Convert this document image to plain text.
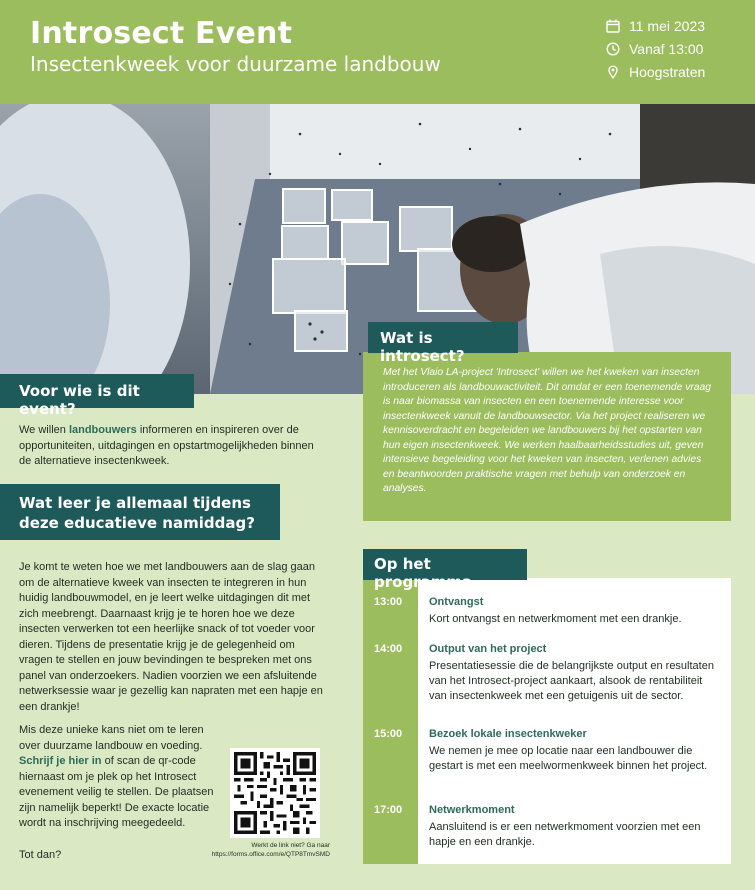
Introsect Event
Insectenkweek voor duurzame landbouw
11 mei 2023
Vanaf 13:00
Hoogstraten
Voor wie is dit event?
We willen landbouwers informeren en inspireren over de opportuniteiten, uitdagingen en opstartmogelijkheden binnen de alternatieve insectenkweek.
Wat leer je allemaal tijdens deze educatieve namiddag?
Je komt te weten hoe we met landbouwers aan de slag gaan om de alternatieve kweek van insecten te integreren in hun huidig landbouwmodel, en je leert welke uitdagingen dit met zich meebrengt. Daarnaast krijg je te horen hoe we deze insecten verwerken tot een heerlijke snack of tot voeder voor dieren. Tijdens de presentatie krijg je de gelegenheid om vragen te stellen en jouw bevindingen te bespreken met ons panel van onderzoekers. Nadien voorzien we een afsluitende netwerksessie waar je gezellig kan napraten met een hapje en een drankje!
Mis deze unieke kans niet om te leren over duurzame landbouw en voeding. Schrijf je hier in of scan de qr-code hiernaast om je plek op het Introsect evenement veilig te stellen. De plaatsen zijn namelijk beperkt! De exacte locatie wordt na inschrijving meegedeeld.
Tot dan?
Werkt de link niet? Ga naar
https://forms.office.com/e/QTP8TmvSMD
Met het Vlaio LA-project 'Introsect' willen we het kweken van insecten introduceren als landbouwactiviteit. Dit omdat er een toenemende vraag is naar biomassa van insecten en een toenemende interesse voor insectenkweek vanuit de landbouwsector. Via het project realiseren we kennisoverdracht en begeleiden we landbouwers bij het opstarten van hun eigen insectenkweek. We werken haalbaarheidsstudies uit, geven intensieve begeleiding voor het kweken van insecten, verlenen advies en beantwoorden praktische vragen met behulp van onderzoek en analyses.
Wat is introsect?
13:00	Ontvangst
Kort ontvangst en netwerkmoment met een drankje.
14:00	Output van het project
Presentatiesessie die de belangrijkste output en resultaten van het Introsect-project aankaart, alsook de rentabiliteit van insectenkweek met een getuigenis uit de sector.
15:00	Bezoek lokale insectenkweker
We nemen je mee op locatie naar een landbouwer die gestart is met een meelwormenkweek binnen het project.
17:00	Netwerkmoment
Aansluitend is er een netwerkmoment voorzien met een hapje en een drankje.
Op het programma
